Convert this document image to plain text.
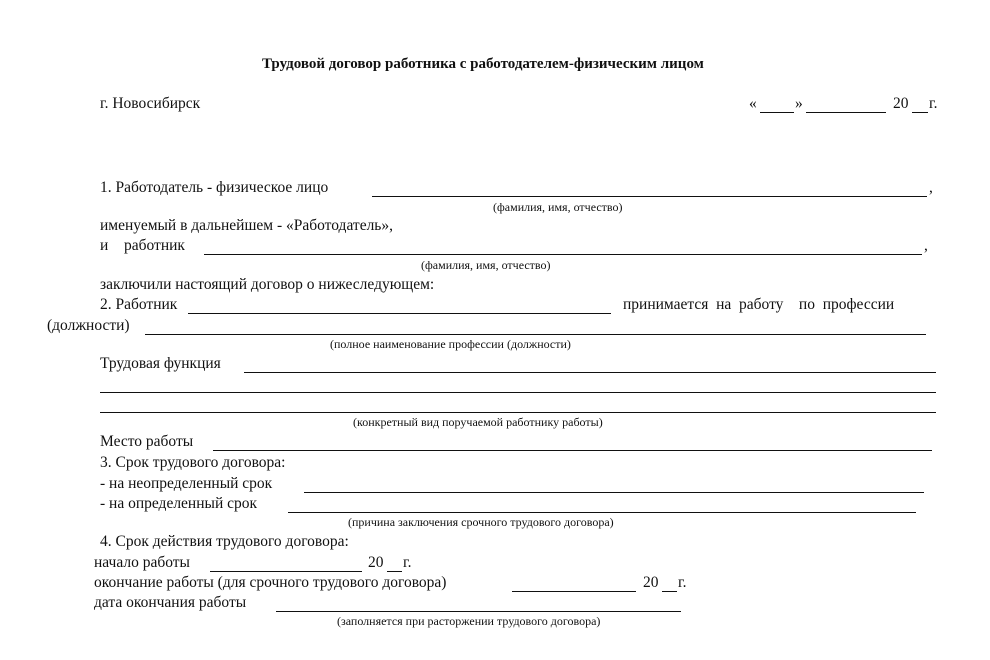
Трудовой договор работника с работодателем-физическим лицом
г. Новосибирск	« »	20 г.
1. Работодатель - физическое лицо	,
(фамилия, имя, отчество)
именуемый в дальнейшем - «Работодатель»,
и работник	,
(фамилия, имя, отчество)
заключили настоящий договор о нижеследующем:
2. Работник	принимается  на  работу    по  профессии
(должности)
(полное наименование профессии (должности)
Трудовая функция
(конкретный вид поручаемой работнику работы)
Место работы
3. Срок трудового договора:
- на неопределенный срок
- на определенный срок
(причина заключения срочного трудового договора)
4. Срок действия трудового договора:
начало работы	20 г.
окончание работы (для срочного трудового договора)	20 г.
дата окончания работы
(заполняется при расторжении трудового договора)
